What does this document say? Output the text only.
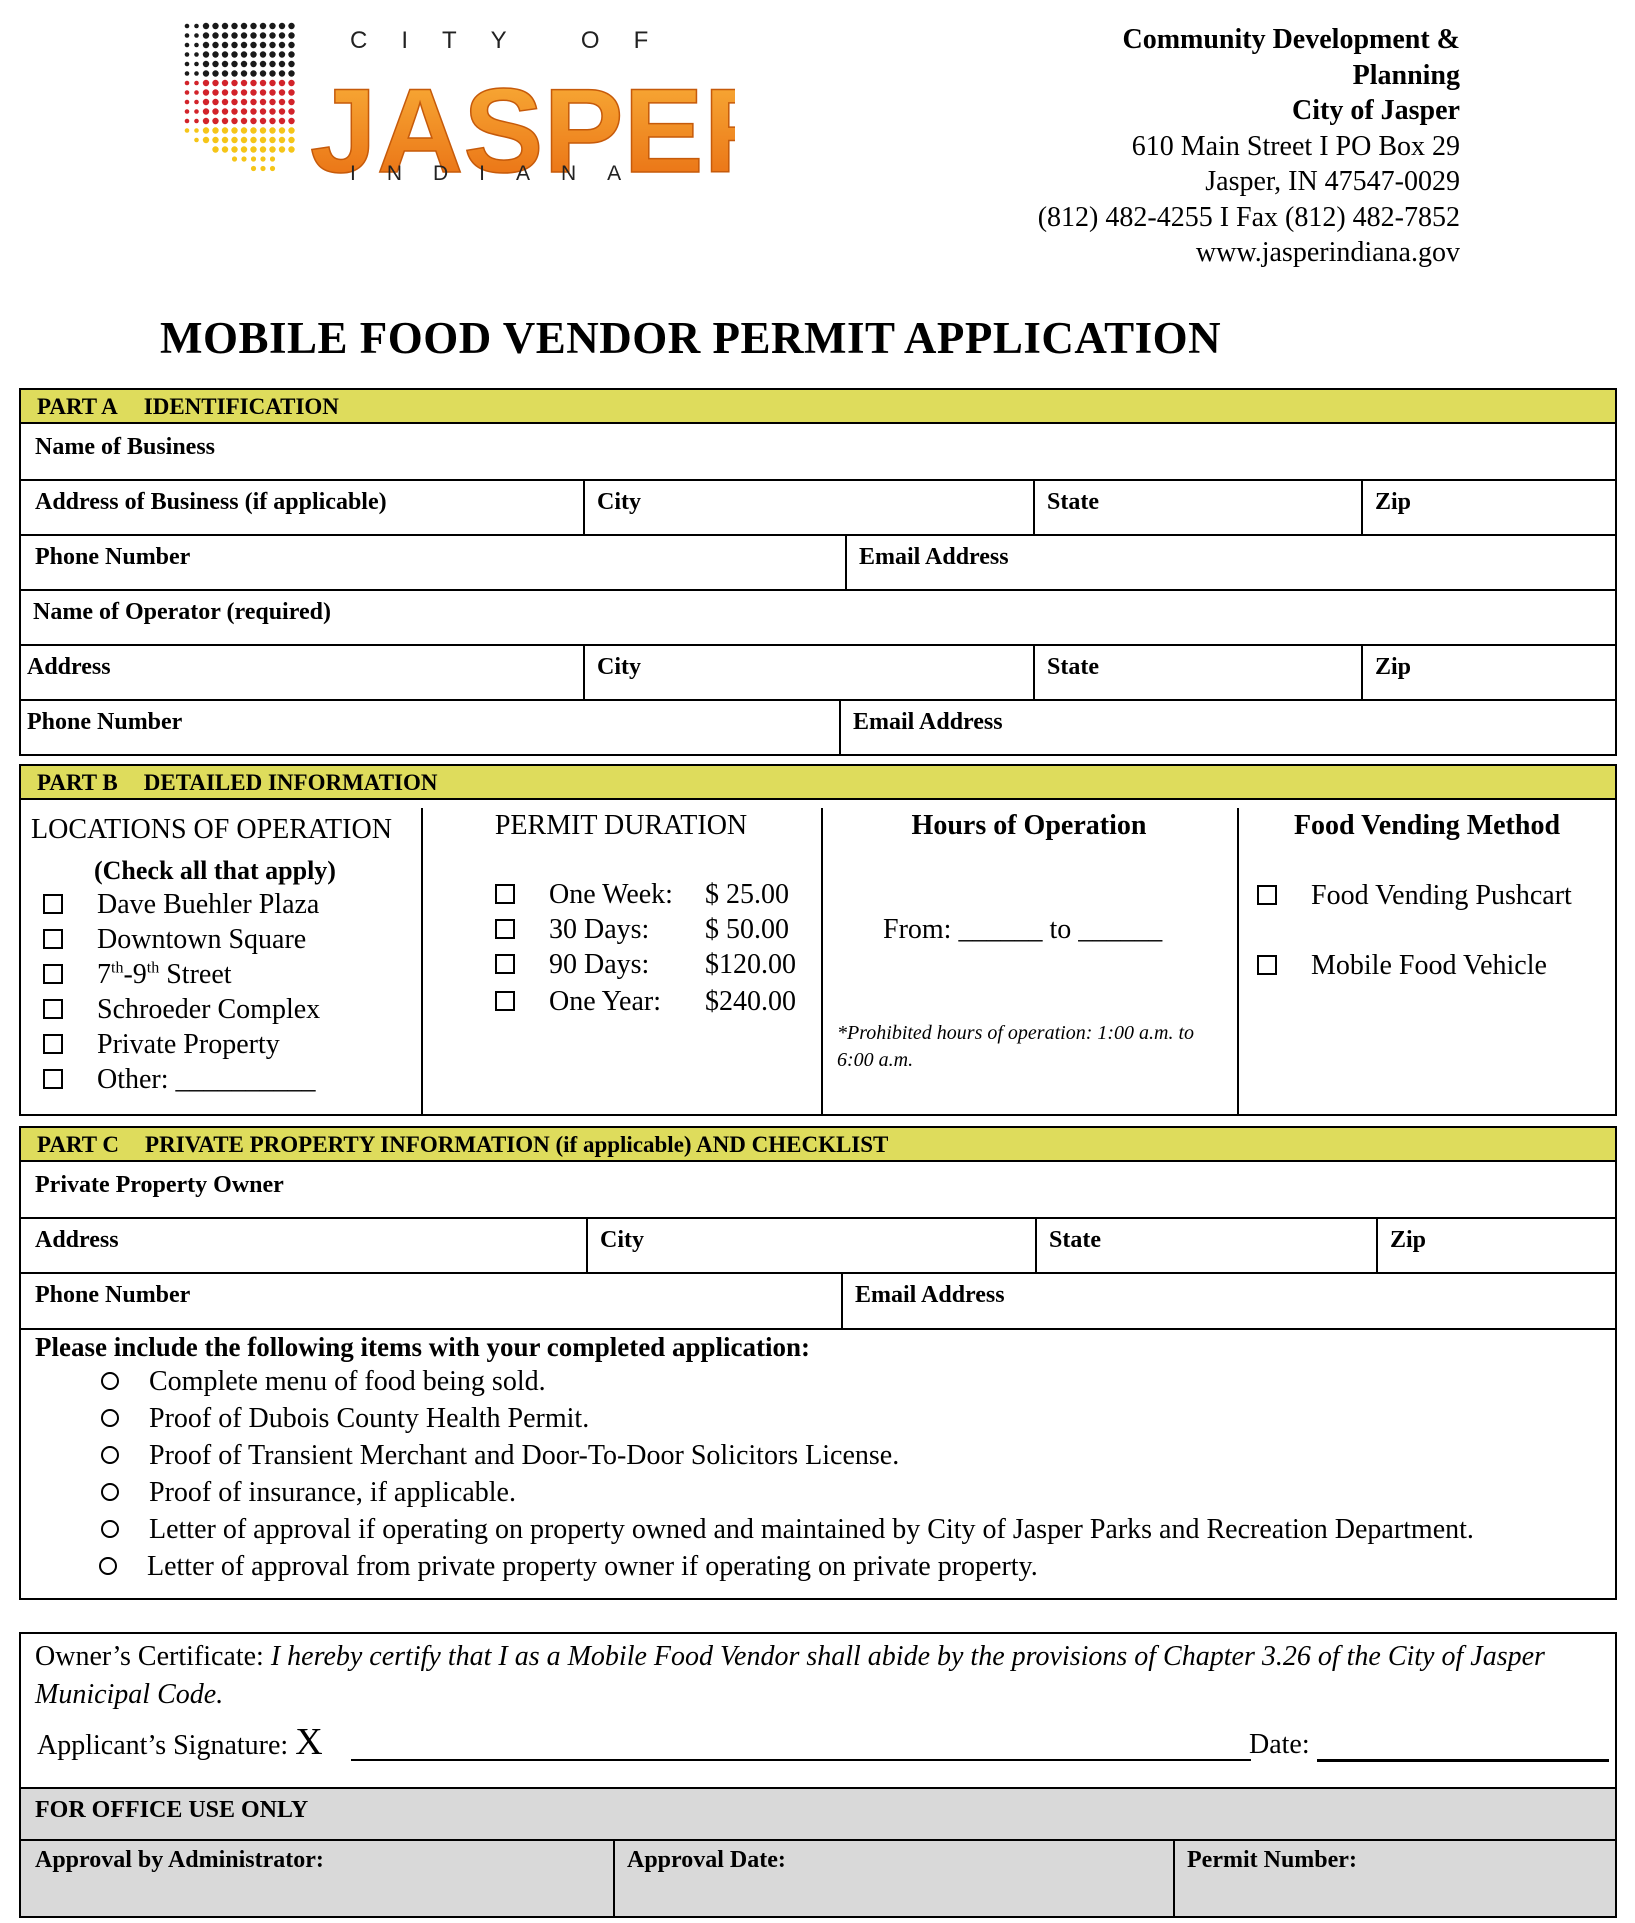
JASPE
CITY OF
INDIANA
Community Development &
Planning
City of Jasper
610 Main Street I PO Box 29
Jasper, IN 47547-0029
(812) 482-4255 I Fax (812) 482-7852
www.jasperindiana.gov
MOBILE FOOD VENDOR PERMIT APPLICATION
PART A IDENTIFICATION
Name of Business
Address of Business (if applicable)	City	State	Zip
Phone Number	Email Address
Name of Operator (required)
Address	City	State	Zip
Phone Number	Email Address
PART B DETAILED INFORMATION
LOCATIONS OF OPERATION
(Check all that apply)
Dave Buehler Plaza
Downtown Square
7th-9th Street
Schroeder Complex
Private Property
Other: __________
PERMIT DURATION
One Week: $ 25.00
30 Days: $ 50.00
90 Days: $120.00
One Year: $240.00
Hours of Operation
From: ______ to ______
*Prohibited hours of operation: 1:00 a.m. to 6:00 a.m.
Food Vending Method
Food Vending Pushcart
Mobile Food Vehicle
PART C PRIVATE PROPERTY INFORMATION (if applicable) AND CHECKLIST
Private Property Owner
Address	City	State	Zip
Phone Number	Email Address
Please include the following items with your completed application:
Complete menu of food being sold.
Proof of Dubois County Health Permit.
Proof of Transient Merchant and Door-To-Door Solicitors License.
Proof of insurance, if applicable.
Letter of approval if operating on property owned and maintained by City of Jasper Parks and Recreation Department.
Letter of approval from private property owner if operating on private property.
Owner’s Certificate: I hereby certify that I as a Mobile Food Vendor shall abide by the provisions of Chapter 3.26 of the City of Jasper Municipal Code.
Applicant’s Signature: X	Date:
FOR OFFICE USE ONLY
Approval by Administrator:	Approval Date:	Permit Number:
